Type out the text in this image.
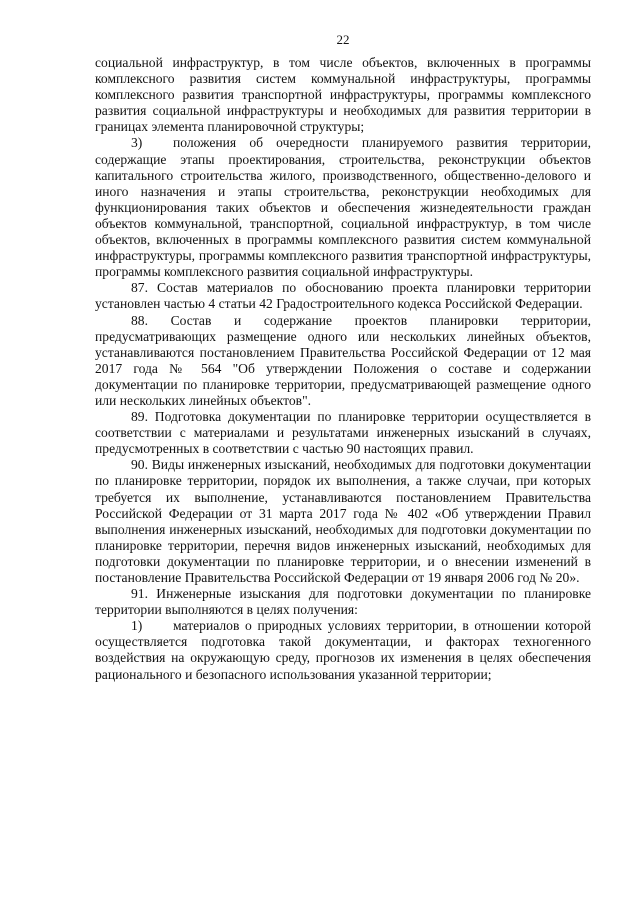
22

социальной инфраструктур, в том числе объектов, включенных в программы комплексного развития систем коммунальной инфраструктуры, программы комплексного развития транспортной инфраструктуры, программы комплексного развития социальной инфраструктуры и необходимых для развития территории в границах элемента планировочной структуры;

3) положения об очередности планируемого развития территории, содержащие этапы проектирования, строительства, реконструкции объектов капитального строительства жилого, производственного, общественно-делового и иного назначения и этапы строительства, реконструкции необходимых для функционирования таких объектов и обеспечения жизнедеятельности граждан объектов коммунальной, транспортной, социальной инфраструктур, в том числе объектов, включенных в программы комплексного развития систем коммунальной инфраструктуры, программы комплексного развития транспортной инфраструктуры, программы комплексного развития социальной инфраструктуры.

87. Состав материалов по обоснованию проекта планировки территории установлен частью 4 статьи 42 Градостроительного кодекса Российской Федерации.

88. Состав и содержание проектов планировки территории, предусматривающих размещение одного или нескольких линейных объектов, устанавливаются постановлением Правительства Российской Федерации от 12 мая 2017 года № 564 "Об утверждении Положения о составе и содержании документации по планировке территории, предусматривающей размещение одного или нескольких линейных объектов".

89. Подготовка документации по планировке территории осуществляется в соответствии с материалами и результатами инженерных изысканий в случаях, предусмотренных в соответствии с частью 90 настоящих правил.

90. Виды инженерных изысканий, необходимых для подготовки документации по планировке территории, порядок их выполнения, а также случаи, при которых требуется их выполнение, устанавливаются постановлением Правительства Российской Федерации от 31 марта 2017 года № 402 «Об утверждении Правил выполнения инженерных изысканий, необходимых для подготовки документации по планировке территории, перечня видов инженерных изысканий, необходимых для подготовки документации по планировке территории, и о внесении изменений в постановление Правительства Российской Федерации от 19 января 2006 год № 20».

91. Инженерные изыскания для подготовки документации по планировке территории выполняются в целях получения:

1) материалов о природных условиях территории, в отношении которой осуществляется подготовка такой документации, и факторах техногенного воздействия на окружающую среду, прогнозов их изменения в целях обеспечения рационального и безопасного использования указанной территории;
